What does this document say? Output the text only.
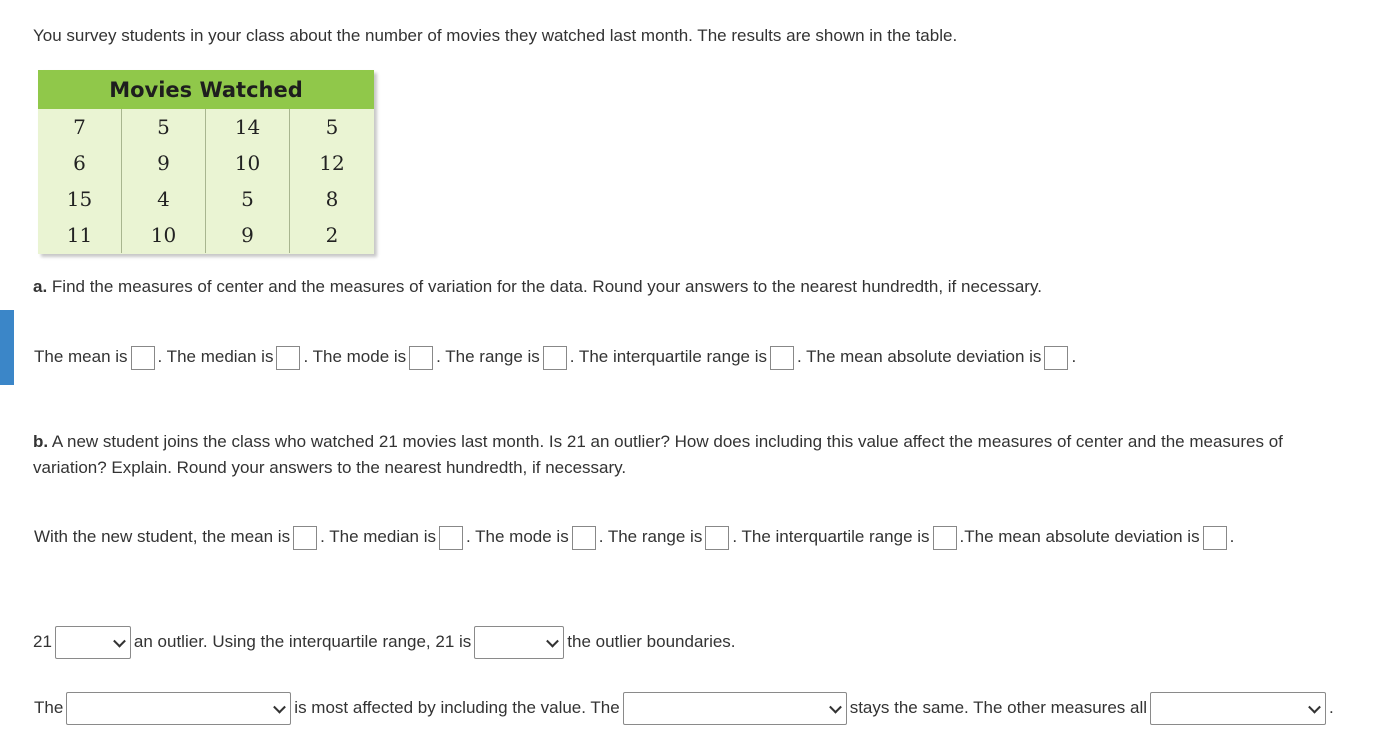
You survey students in your class about the number of movies they watched last month. The results are shown in the table.
Movies Watched
7	5	14	5
6	9	10	12
15	4	5	8
11	10	9	2
a. Find the measures of center and the measures of variation for the data. Round your answers to the nearest hundredth, if necessary.
The mean is . The median is . The mode is . The range is . The interquartile range is . The mean absolute deviation is .
b. A new student joins the class who watched 21 movies last month. Is 21 an outlier? How does including this value affect the measures of center and the measures of variation? Explain. Round your answers to the nearest hundredth, if necessary.
With the new student, the mean is . The median is . The mode is . The range is . The interquartile range is .The mean absolute deviation is .
21	an outlier. Using the interquartile range, 21 is	the outlier boundaries.
The	is most affected by including the value. The	stays the same. The other measures all	.
